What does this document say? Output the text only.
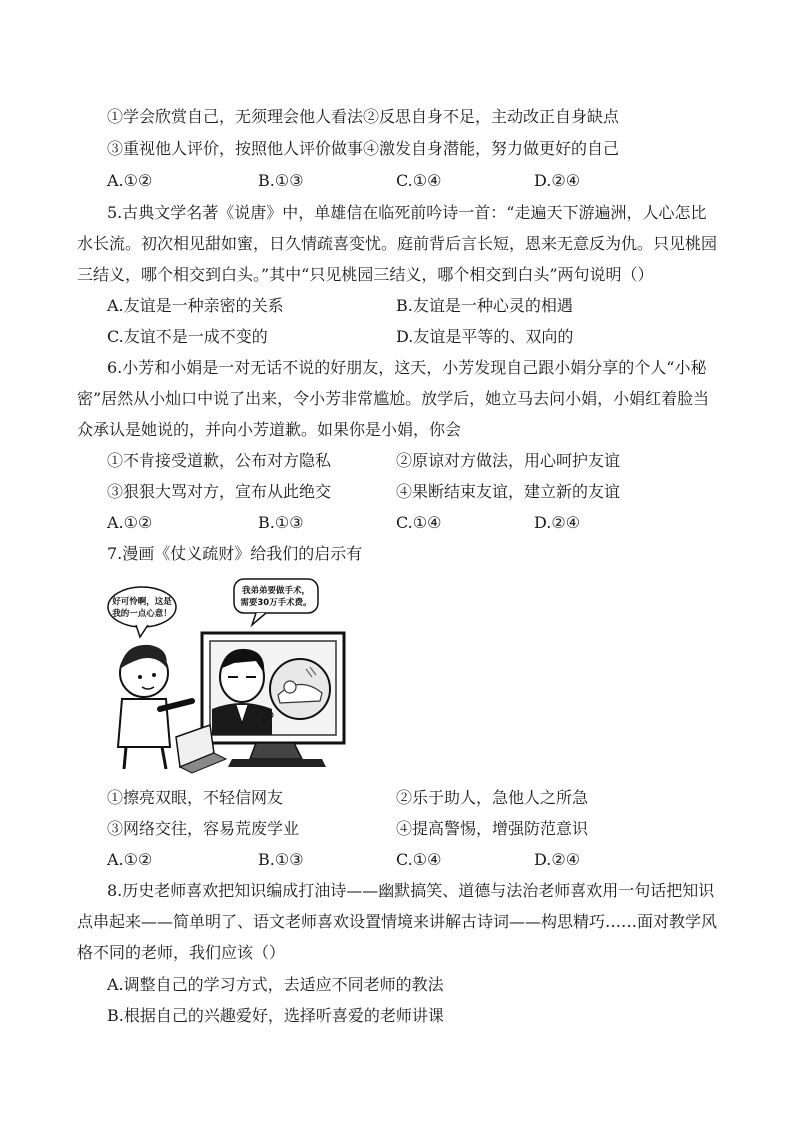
①学会欣赏自己，无须理会他人看法②反思自身不足，主动改正自身缺点
③重视他人评价，按照他人评价做事④激发自身潜能，努力做更好的自己
A.①②	B.①③	C.①④	D.②④
5.古典文学名著《说唐》中，单雄信在临死前吟诗一首：“走遍天下游遍洲，人心怎比
水长流。初次相见甜如蜜，日久情疏喜变忧。庭前背后言长短，恩来无意反为仇。只见桃园
三结义，哪个相交到白头。”其中“只见桃园三结义，哪个相交到白头”两句说明（）
A.友谊是一种亲密的关系	B.友谊是一种心灵的相遇
C.友谊不是一成不变的	D.友谊是平等的、双向的
6.小芳和小娟是一对无话不说的好朋友，这天，小芳发现自己跟小娟分享的个人“小秘
密”居然从小灿口中说了出来，令小芳非常尴尬。放学后，她立马去问小娟，小娟红着脸当
众承认是她说的，并向小芳道歉。如果你是小娟，你会
①不肯接受道歉，公布对方隐私	②原谅对方做法，用心呵护友谊
③狠狠大骂对方，宣布从此绝交	④果断结束友谊，建立新的友谊
A.①②	B.①③	C.①④	D.②④
7.漫画《仗义疏财》给我们的启示有
好可怜啊，这是
我的一点心意！
我弟弟要做手术，
需要30万手术费。
①擦亮双眼，不轻信网友	②乐于助人，急他人之所急
③网络交往，容易荒废学业	④提高警惕，增强防范意识
A.①②	B.①③	C.①④	D.②④
8.历史老师喜欢把知识编成打油诗——幽默搞笑、道德与法治老师喜欢用一句话把知识
点串起来——简单明了、语文老师喜欢设置情境来讲解古诗词——构思精巧……面对教学风
格不同的老师，我们应该（）
A.调整自己的学习方式，去适应不同老师的教法
B.根据自己的兴趣爱好，选择听喜爱的老师讲课
